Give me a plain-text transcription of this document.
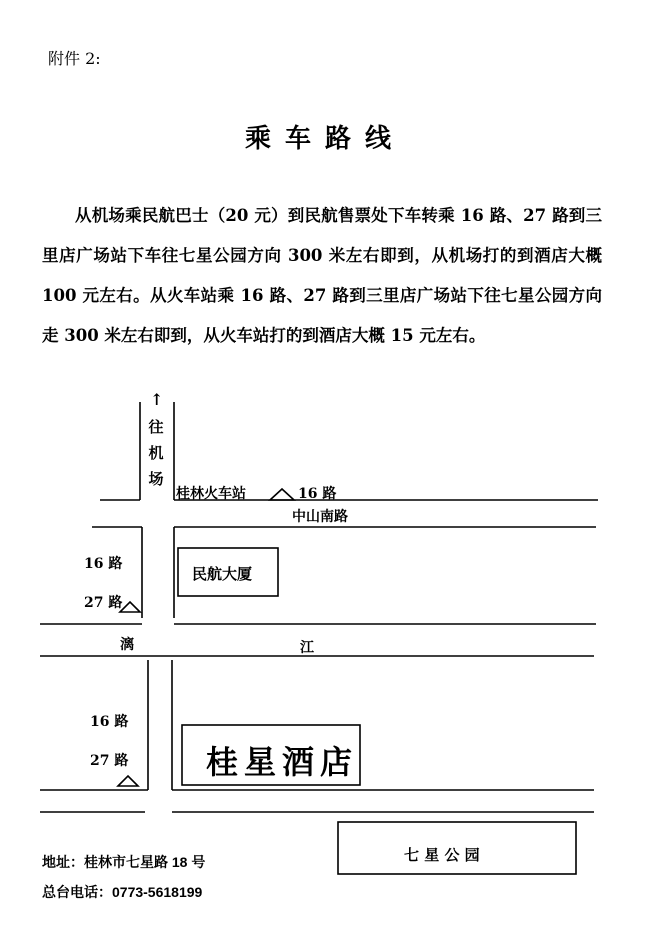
附件 2:
乘车路线

从机场乘民航巴士（20 元）到民航售票处下车转乘 16 路、27 路到三里店广场站下车往七星公园方向 300 米左右即到，从机场打的到酒店大概 100 元左右。从火车站乘 16 路、27 路到三里店广场站下往七星公园方向走 300 米左右即到，从火车站打的到酒店大概 15 元左右。

↑
往
机
场
桂林火车站	16 路
中山南路
民航大厦
16 路
27 路
漓	江
16 路
27 路 桂星酒店
七 星 公 园
地址：桂林市七星路 18 号
总台电话：0773-5618199
